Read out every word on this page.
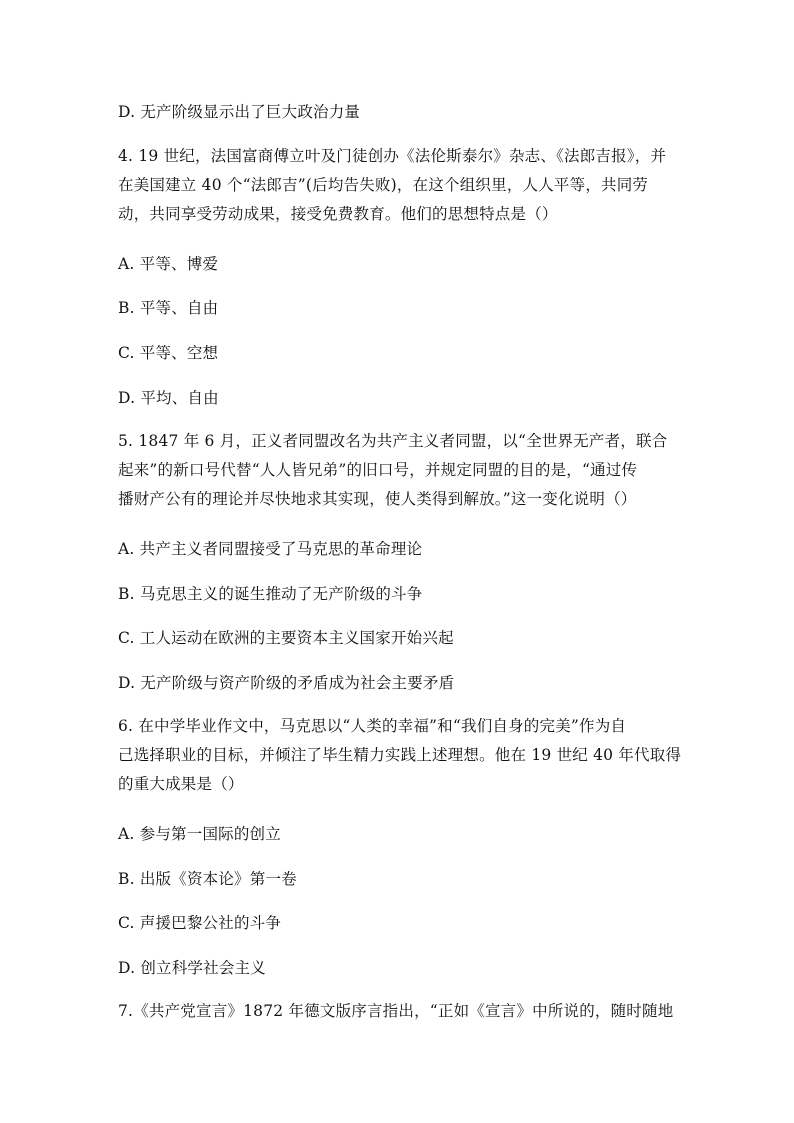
D. 无产阶级显示出了巨大政治力量
4. 19 世纪，法国富商傅立叶及门徒创办《法伦斯泰尔》杂志、《法郎吉报》，并
在美国建立 40 个“法郎吉”(后均告失败)，在这个组织里，人人平等，共同劳
动，共同享受劳动成果，接受免费教育。他们的思想特点是（）
A. 平等、博爱
B. 平等、自由
C. 平等、空想
D. 平均、自由
5. 1847 年 6 月，正义者同盟改名为共产主义者同盟，以“全世界无产者，联合
起来”的新口号代替“人人皆兄弟”的旧口号，并规定同盟的目的是，“通过传
播财产公有的理论并尽快地求其实现，使人类得到解放。”这一变化说明（）
A. 共产主义者同盟接受了马克思的革命理论
B. 马克思主义的诞生推动了无产阶级的斗争
C. 工人运动在欧洲的主要资本主义国家开始兴起
D. 无产阶级与资产阶级的矛盾成为社会主要矛盾
6. 在中学毕业作文中，马克思以“人类的幸福”和“我们自身的完美”作为自
己选择职业的目标，并倾注了毕生精力实践上述理想。他在 19 世纪 40 年代取得
的重大成果是（）
A. 参与第一国际的创立
B. 出版《资本论》第一卷
C. 声援巴黎公社的斗争
D. 创立科学社会主义
7.《共产党宣言》1872 年德文版序言指出，“正如《宣言》中所说的，随时随地
